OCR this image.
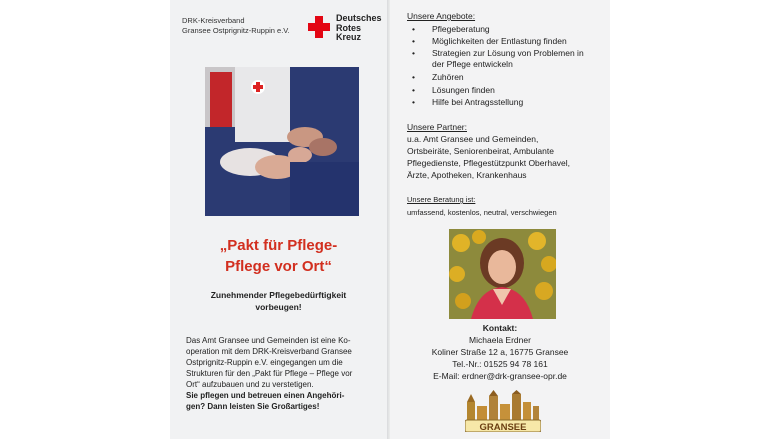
DRK-Kreisverband
Gransee Ostprignitz-Ruppin e.V.
Deutsches
Rotes
Kreuz
„Pakt für Pflege-
Pflege vor Ort“
Zunehmender Pflegebedürftigkeit
vorbeugen!
Das Amt Gransee und Gemeinden ist eine Ko-
operation mit dem DRK-Kreisverband Gransee
Ostprignitz-Ruppin e.V. eingegangen um die
Strukturen für den „Pakt für Pflege – Pflege vor
Ort“ aufzubauen und zu verstetigen.
Sie pflegen und betreuen einen Angehöri-
gen? Dann leisten Sie Großartiges!
Unsere Angebote:
• Pflegeberatung
• Möglichkeiten der Entlastung finden
• Strategien zur Lösung von Problemen in
der Pflege entwickeln
• Zuhören
• Lösungen finden
• Hilfe bei Antragsstellung
Unsere Partner:
u.a. Amt Gransee und Gemeinden,
Ortsbeiräte, Seniorenbeirat, Ambulante
Pflegedienste, Pflegestützpunkt Oberhavel,
Ärzte, Apotheken, Krankenhaus
Unsere Beratung ist:
umfassend, kostenlos, neutral, verschwiegen
Kontakt:
Michaela Erdner
Koliner Straße 12 a, 16775 Gransee
Tel.-Nr.: 01525 94 78 161
E-Mail: erdner@drk-gransee-opr.de
GRANSEE
